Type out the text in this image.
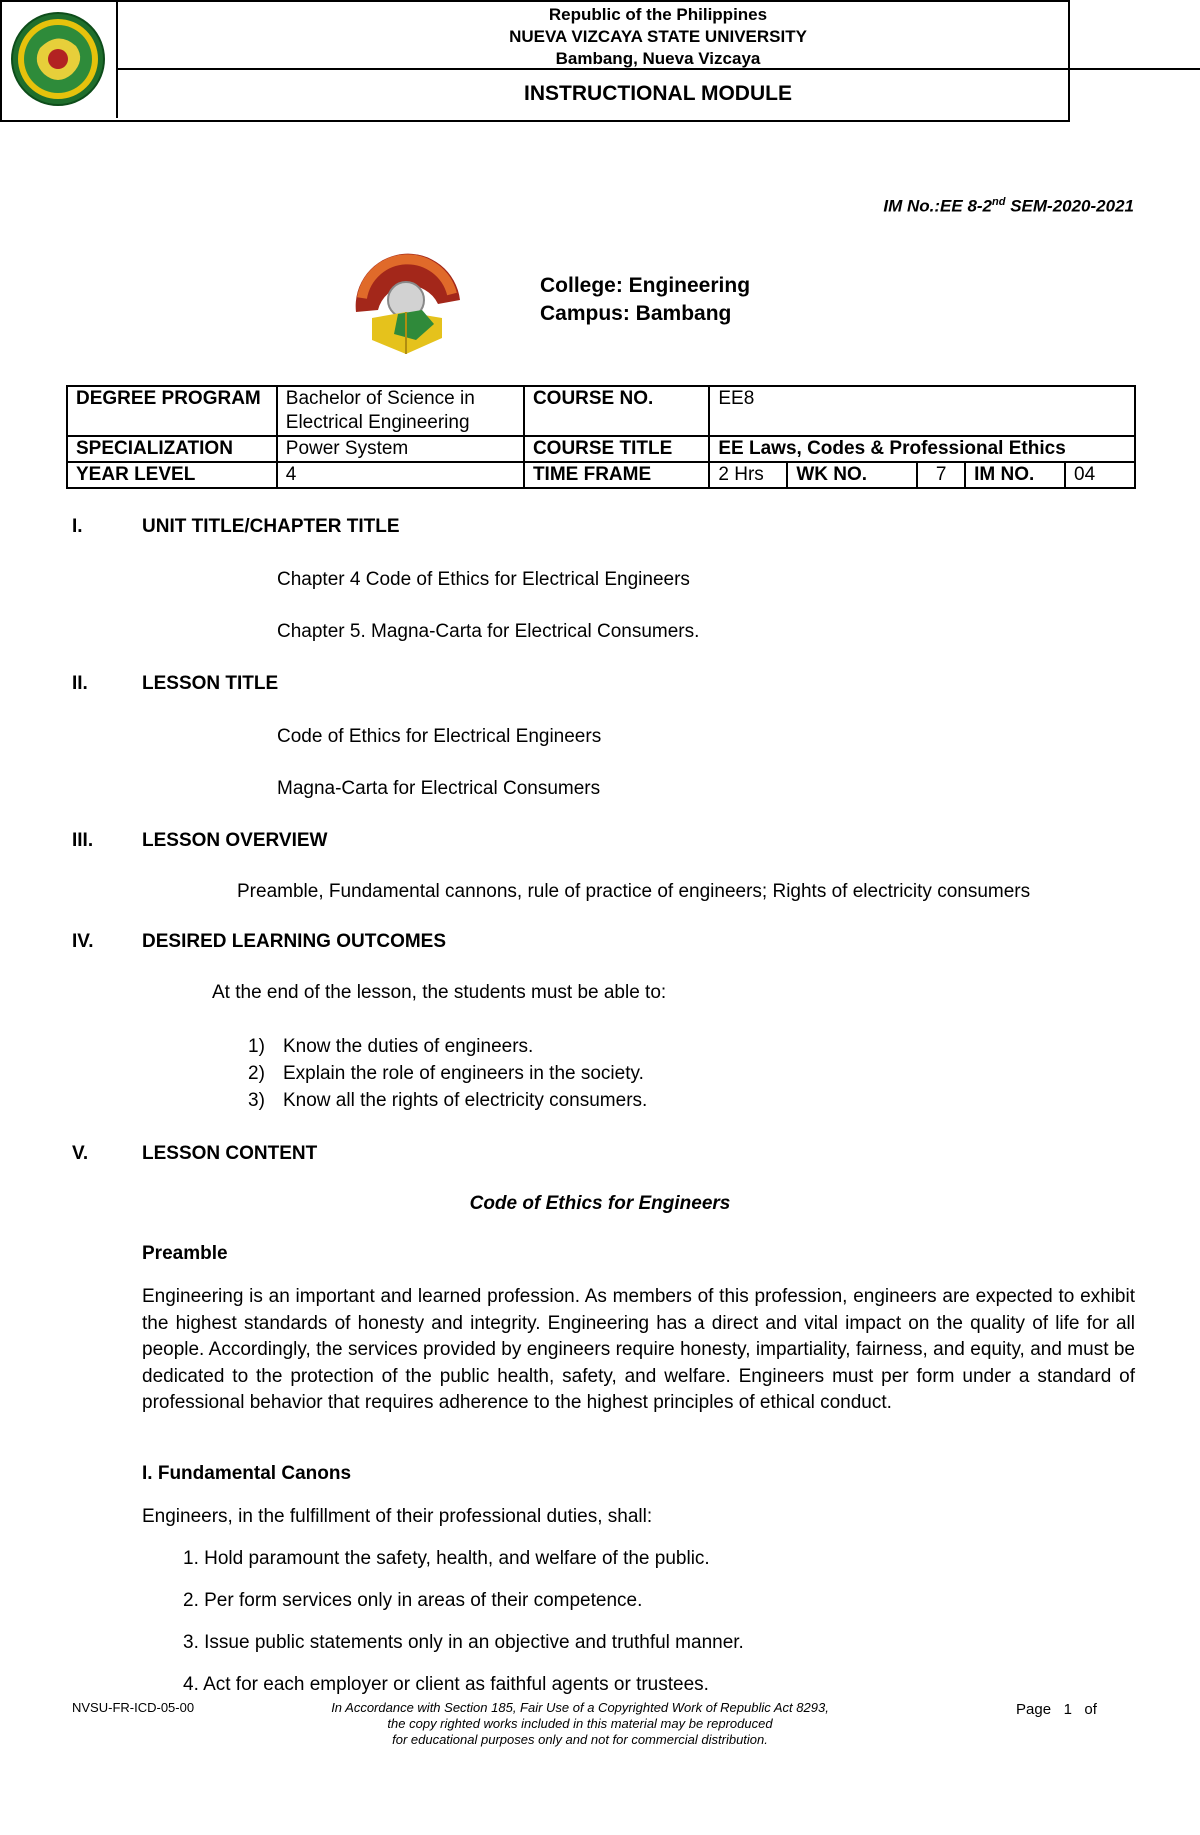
Republic of the Philippines
NUEVA VIZCAYA STATE UNIVERSITY
Bambang, Nueva Vizcaya
INSTRUCTIONAL MODULE
IM No.:EE 8-2nd SEM-2020-2021
College: Engineering
Campus: Bambang
DEGREE PROGRAM	Bachelor of Science in Electrical Engineering	COURSE NO.	EE8				
SPECIALIZATION	Power System	COURSE TITLE	EE Laws, Codes & Professional Ethics				
YEAR LEVEL	4	TIME FRAME	2 Hrs	WK NO.	7	IM NO.	04
I.	UNIT TITLE/CHAPTER TITLE
Chapter 4 Code of Ethics for Electrical Engineers
Chapter 5. Magna-Carta for Electrical Consumers.
II.	LESSON TITLE
Code of Ethics for Electrical Engineers
Magna-Carta for Electrical Consumers
III.	LESSON OVERVIEW
Preamble, Fundamental cannons, rule of practice of engineers; Rights of electricity consumers
IV.	DESIRED LEARNING OUTCOMES
At the end of the lesson, the students must be able to:
1) Know the duties of engineers.
2) Explain the role of engineers in the society.
3) Know all the rights of electricity consumers.
V.	LESSON CONTENT
Code of Ethics for Engineers
Preamble
Engineering is an important and learned profession. As members of this profession, engineers are expected to exhibit the highest standards of honesty and integrity. Engineering has a direct and vital impact on the quality of life for all people. Accordingly, the services provided by engineers require honesty, impartiality, fairness, and equity, and must be dedicated to the protection of the public health, safety, and welfare. Engineers must per form under a standard of professional behavior that requires adherence to the highest principles of ethical conduct.
I. Fundamental Canons
Engineers, in the fulfillment of their professional duties, shall:
1. Hold paramount the safety, health, and welfare of the public.
2. Per form services only in areas of their competence.
3. Issue public statements only in an objective and truthful manner.
4. Act for each employer or client as faithful agents or trustees.
NVSU-FR-ICD-05-00	In Accordance with Section 185, Fair Use of a Copyrighted Work of Republic Act 8293,
the copy righted works included in this material may be reproduced
for educational purposes only and not for commercial distribution.
Page 1 of
